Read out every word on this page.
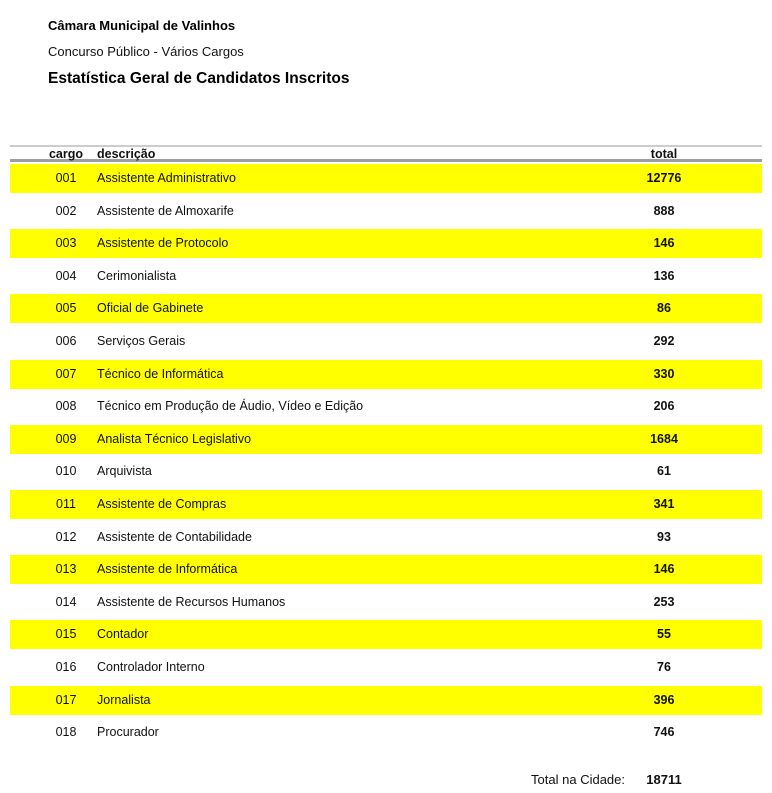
Câmara Municipal de Valinhos
Concurso Público - Vários Cargos
Estatística Geral de Candidatos Inscritos
cargo	descrição	total
001	Assistente Administrativo	12776
002	Assistente de Almoxarife	888
003	Assistente de Protocolo	146
004	Cerimonialista	136
005	Oficial de Gabinete	86
006	Serviços Gerais	292
007	Técnico de Informática	330
008	Técnico em Produção de Áudio, Vídeo e Edição	206
009	Analista Técnico Legislativo	1684
010	Arquivista	61
011	Assistente de Compras	341
012	Assistente de Contabilidade	93
013	Assistente de Informática	146
014	Assistente de Recursos Humanos	253
015	Contador	55
016	Controlador Interno	76
017	Jornalista	396
018	Procurador	746
Total na Cidade:	18711
